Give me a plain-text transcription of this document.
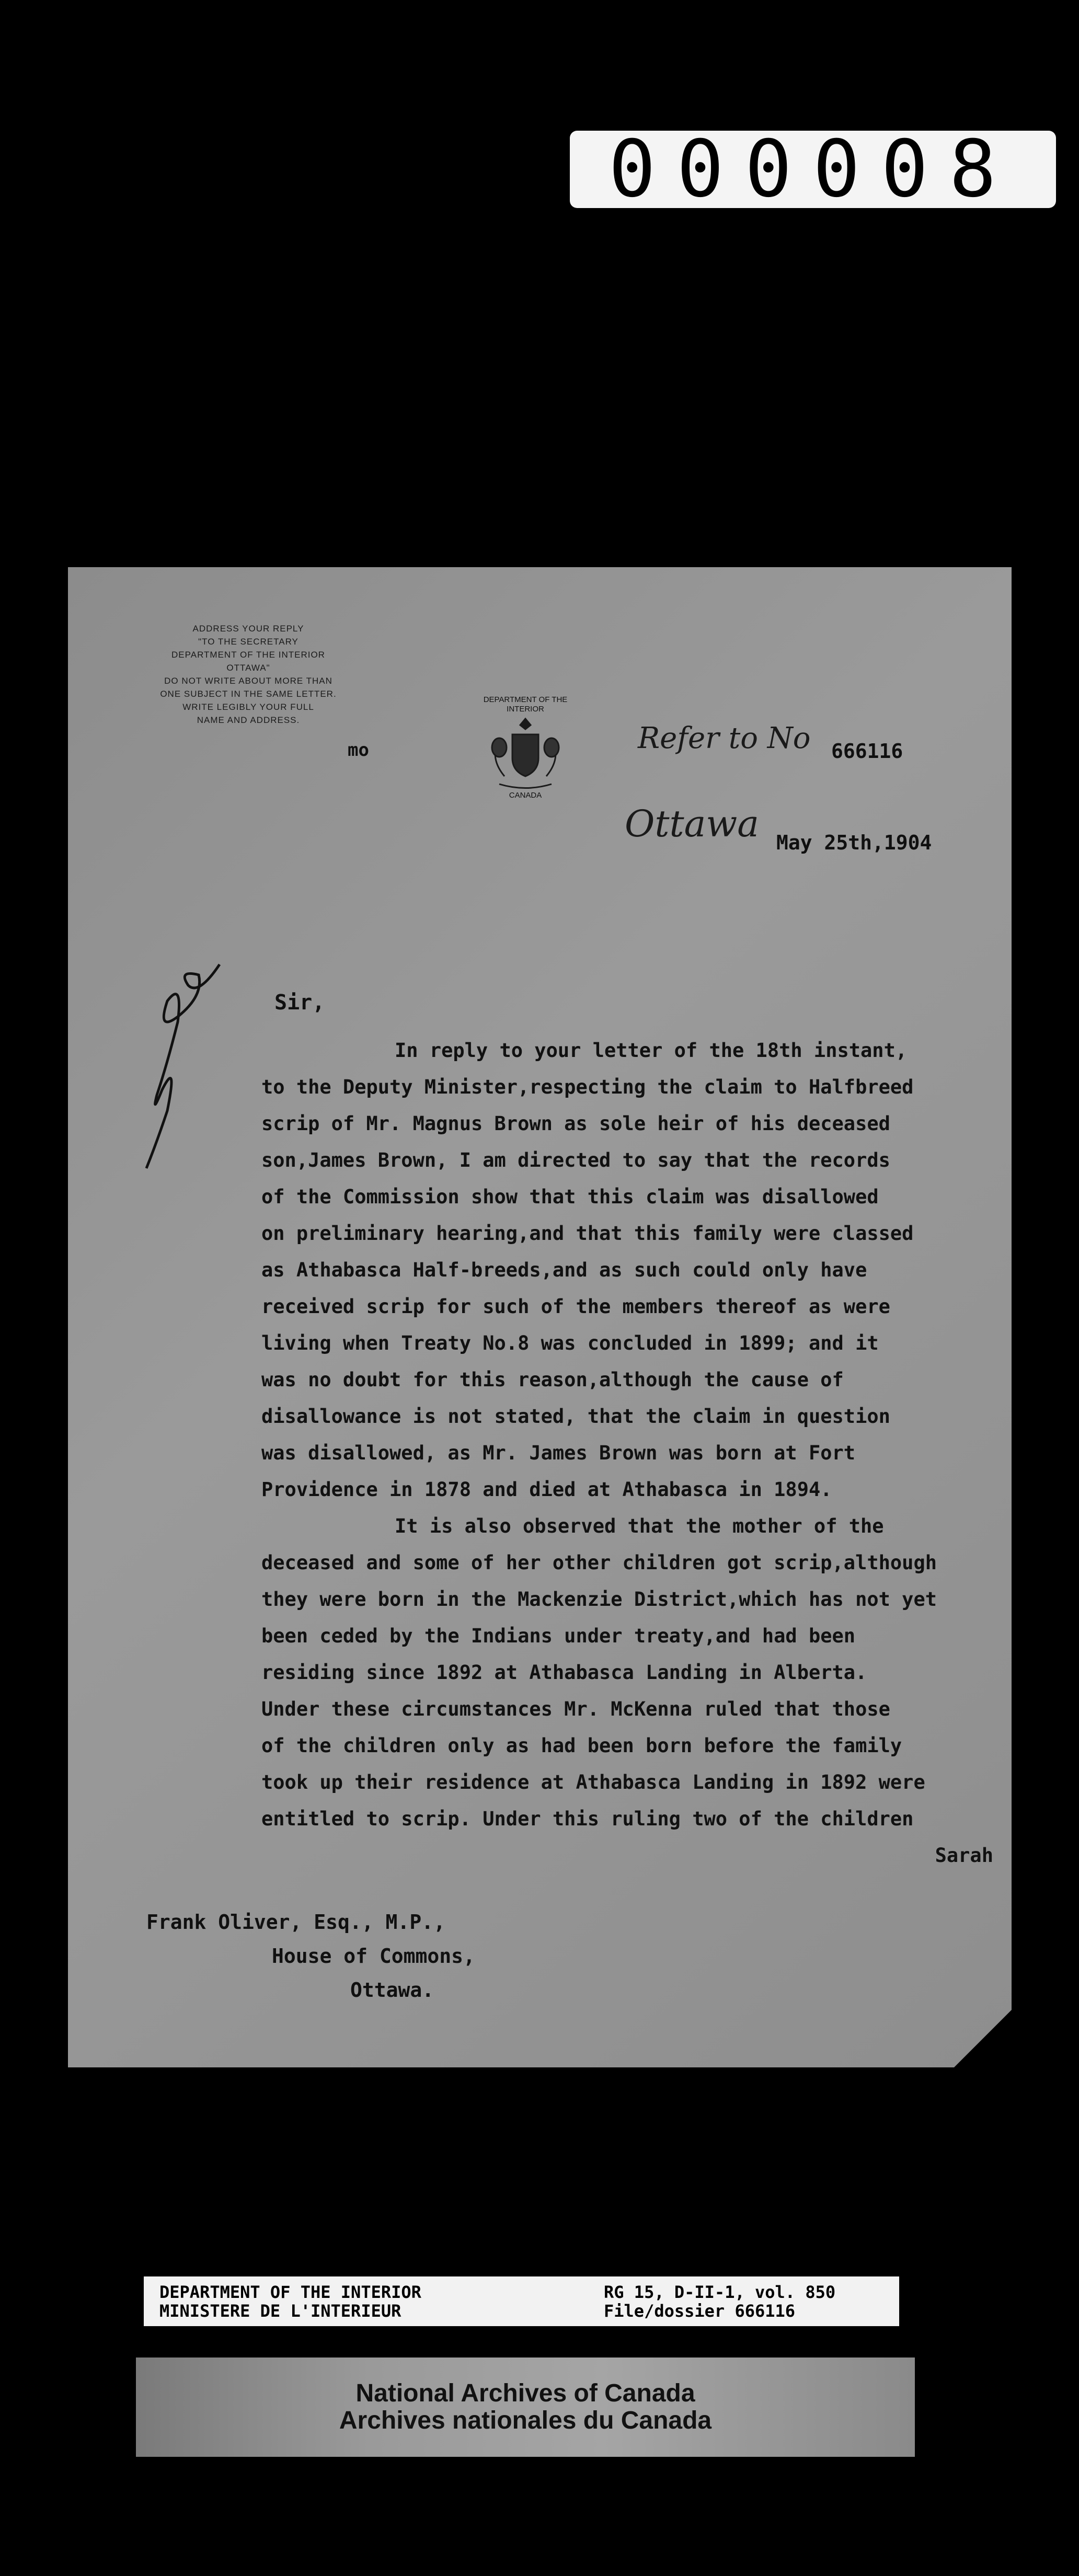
000008
ADDRESS YOUR REPLY
"TO THE SECRETARY
DEPARTMENT OF THE INTERIOR
OTTAWA"
DO NOT WRITE ABOUT MORE THAN
ONE SUBJECT IN THE SAME LETTER.
WRITE LEGIBLY YOUR FULL
NAME AND ADDRESS.
mo
DEPARTMENT OF THE INTERIOR
CANADA
Refer to No 666116
Ottawa May 25th,1904
Sir,
In reply to your letter of the 18th instant,
to the Deputy Minister,respecting the claim to Halfbreed
scrip of Mr. Magnus Brown as sole heir of his deceased
son,James Brown, I am directed to say that the records
of the Commission show that this claim was disallowed
on preliminary hearing,and that this family were classed
as Athabasca Half-breeds,and as such could only have
received scrip for such of the members thereof as were
living when Treaty No.8 was concluded in 1899; and it
was no doubt for this reason,although the cause of
disallowance is not stated, that the claim in question
was disallowed, as Mr. James Brown was born at Fort
Providence in 1878 and died at Athabasca in 1894.
It is also observed that the mother of the
deceased and some of her other children got scrip,although
they were born in the Mackenzie District,which has not yet
been ceded by the Indians under treaty,and had been
residing since 1892 at Athabasca Landing in Alberta.
Under these circumstances Mr. McKenna ruled that those
of the children only as had been born before the family
took up their residence at Athabasca Landing in 1892 were
entitled to scrip. Under this ruling two of the children
Sarah
Frank Oliver, Esq., M.P.,
House of Commons,
Ottawa.
DEPARTMENT OF THE INTERIOR
MINISTERE DE L'INTERIEUR
RG 15, D-II-1, vol. 850
File/dossier 666116
National Archives of Canada
Archives nationales du Canada
